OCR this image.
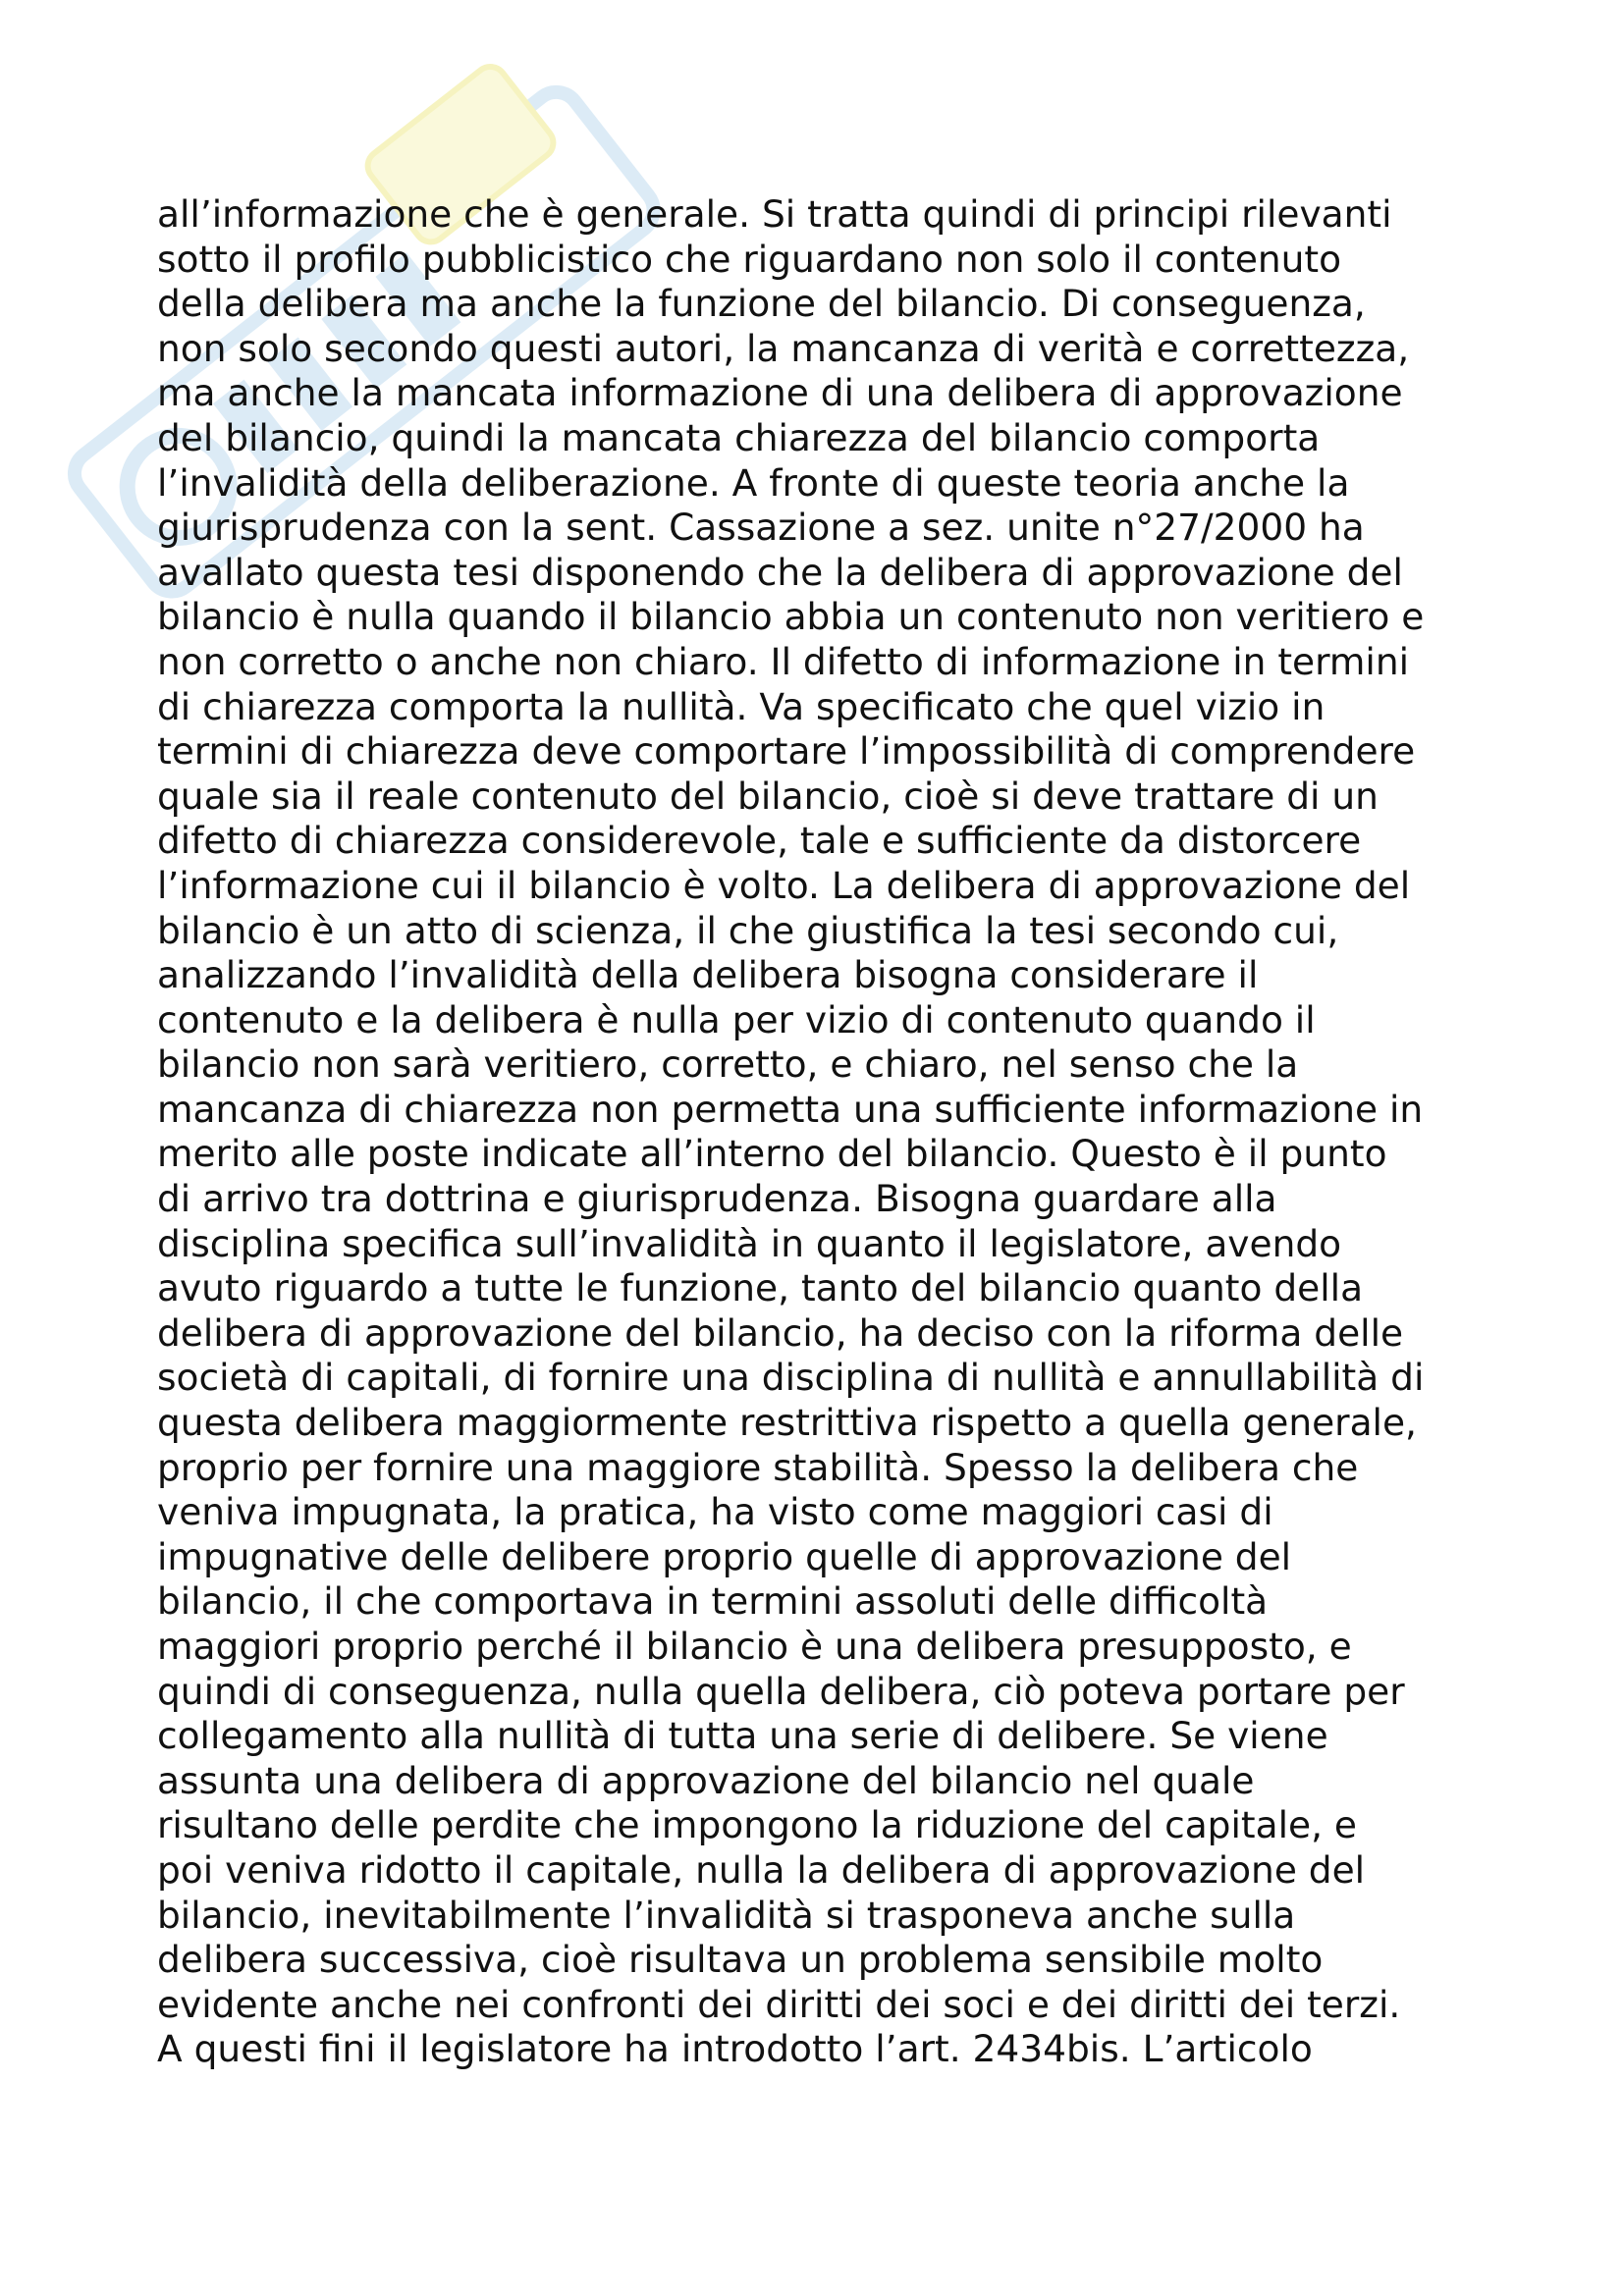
all’informazione che è generale. Si tratta quindi di principi rilevanti
sotto il profilo pubblicistico che riguardano non solo il contenuto
della delibera ma anche la funzione del bilancio. Di conseguenza,
non solo secondo questi autori, la mancanza di verità e correttezza,
ma anche la mancata informazione di una delibera di approvazione
del bilancio, quindi la mancata chiarezza del bilancio comporta
l’invalidità della deliberazione. A fronte di queste teoria anche la
giurisprudenza con la sent. Cassazione a sez. unite n°27/2000 ha
avallato questa tesi disponendo che la delibera di approvazione del
bilancio è nulla quando il bilancio abbia un contenuto non veritiero e
non corretto o anche non chiaro. Il difetto di informazione in termini
di chiarezza comporta la nullità. Va specificato che quel vizio in
termini di chiarezza deve comportare l’impossibilità di comprendere
quale sia il reale contenuto del bilancio, cioè si deve trattare di un
difetto di chiarezza considerevole, tale e sufficiente da distorcere
l’informazione cui il bilancio è volto. La delibera di approvazione del
bilancio è un atto di scienza, il che giustifica la tesi secondo cui,
analizzando l’invalidità della delibera bisogna considerare il
contenuto e la delibera è nulla per vizio di contenuto quando il
bilancio non sarà veritiero, corretto, e chiaro, nel senso che la
mancanza di chiarezza non permetta una sufficiente informazione in
merito alle poste indicate all’interno del bilancio. Questo è il punto
di arrivo tra dottrina e giurisprudenza. Bisogna guardare alla
disciplina specifica sull’invalidità in quanto il legislatore, avendo
avuto riguardo a tutte le funzione, tanto del bilancio quanto della
delibera di approvazione del bilancio, ha deciso con la riforma delle
società di capitali, di fornire una disciplina di nullità e annullabilità di
questa delibera maggiormente restrittiva rispetto a quella generale,
proprio per fornire una maggiore stabilità. Spesso la delibera che
veniva impugnata, la pratica, ha visto come maggiori casi di
impugnative delle delibere proprio quelle di approvazione del
bilancio, il che comportava in termini assoluti delle difficoltà
maggiori proprio perché il bilancio è una delibera presupposto, e
quindi di conseguenza, nulla quella delibera, ciò poteva portare per
collegamento alla nullità di tutta una serie di delibere. Se viene
assunta una delibera di approvazione del bilancio nel quale
risultano delle perdite che impongono la riduzione del capitale, e
poi veniva ridotto il capitale, nulla la delibera di approvazione del
bilancio, inevitabilmente l’invalidità si trasponeva anche sulla
delibera successiva, cioè risultava un problema sensibile molto
evidente anche nei confronti dei diritti dei soci e dei diritti dei terzi.
A questi fini il legislatore ha introdotto l’art. 2434bis. L’articolo
